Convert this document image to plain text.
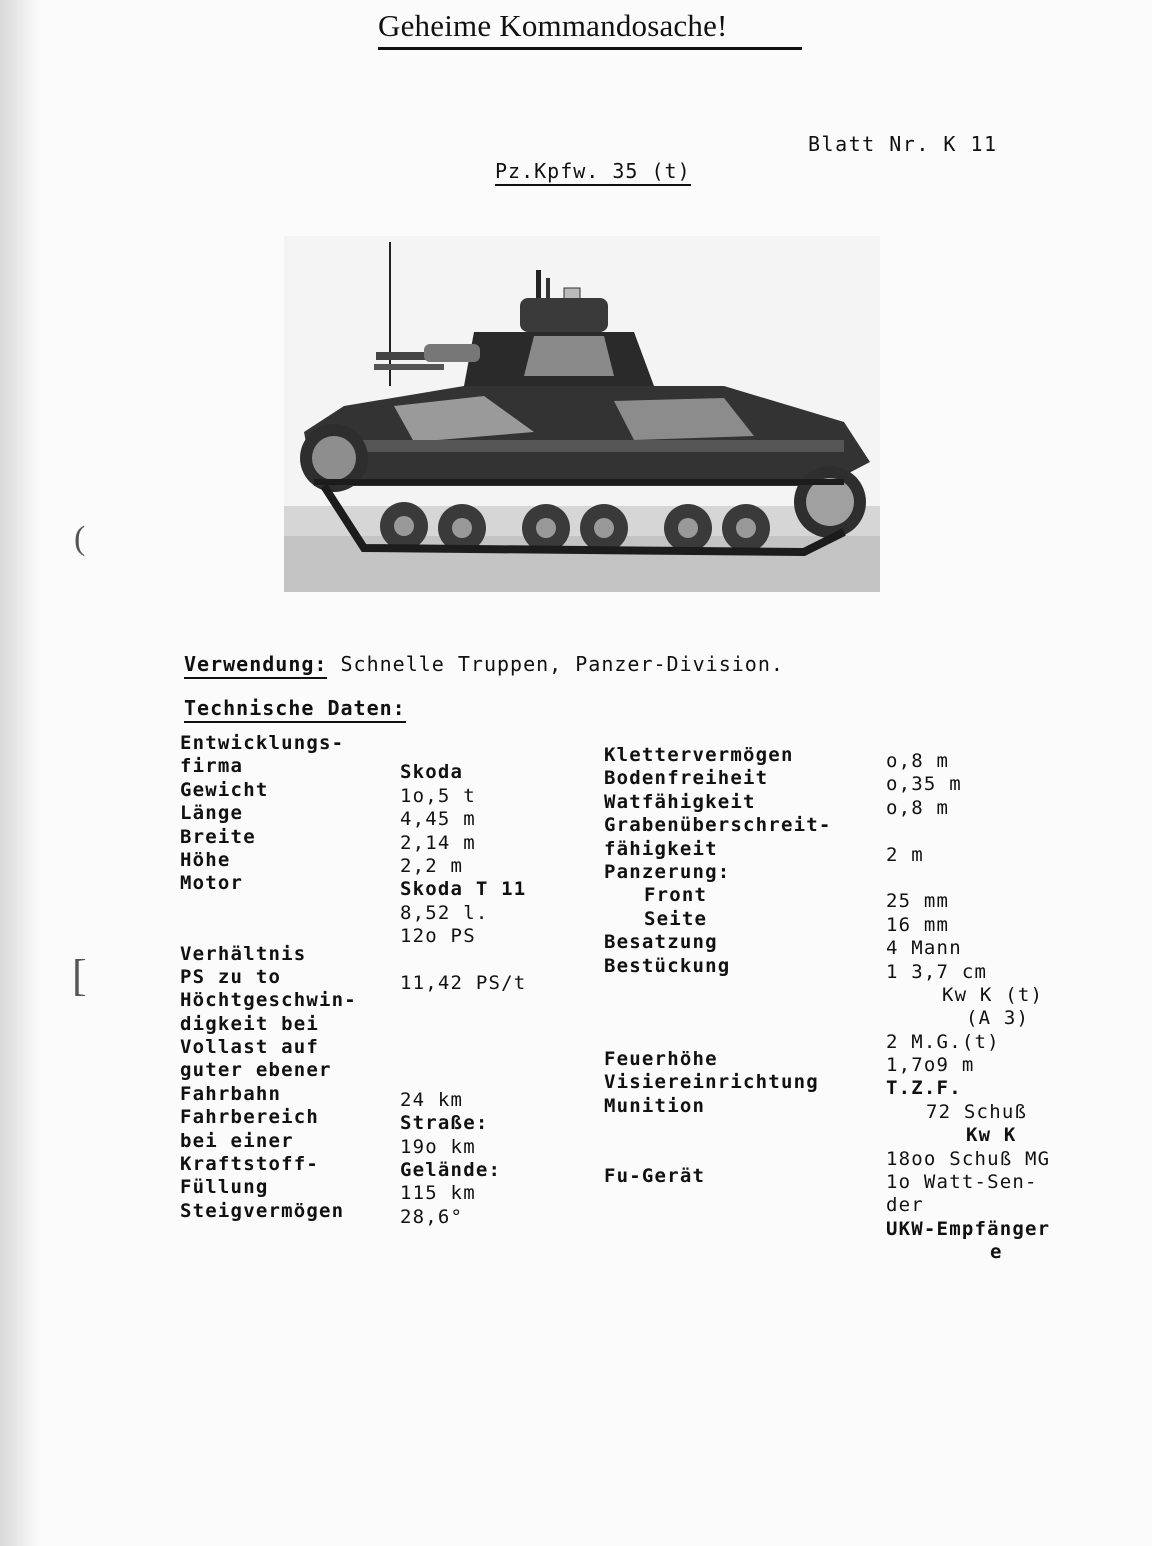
Geheime Kommandosache!
Blatt Nr. K 11
Pz.Kpfw. 35 (t)
(
[
Verwendung: Schnelle Truppen, Panzer-Division.
Technische Daten:
Entwicklungs-
firma
Gewicht
Länge
Breite
Höhe
Motor
Verhältnis
PS zu to
Höchtgeschwin-
digkeit bei
Vollast auf
guter ebener
Fahrbahn
Fahrbereich
bei einer
Kraftstoff-
Füllung
Steigvermögen
Skoda
1o,5 t
4,45 m
2,14 m
2,2 m
Skoda T 11
8,52 l.
12o PS
11,42 PS/t
24 km
Straße:
19o km
Gelände:
115 km
28,6°
Klettervermögen
Bodenfreiheit
Watfähigkeit
Grabenüberschreit-
fähigkeit
Panzerung:
Front
Seite
Besatzung
Bestückung
Feuerhöhe
Visiereinrichtung
Munition
Fu-Gerät
o,8 m
o,35 m
o,8 m
2 m
25 mm
16 mm
4 Mann
1 3,7 cm
Kw K (t)
(A 3)
2 M.G.(t)
1,7o9 m
T.Z.F.
72 Schuß
Kw K
18oo Schuß MG
1o Watt-Sen-
der
UKW-Empfänger
e
